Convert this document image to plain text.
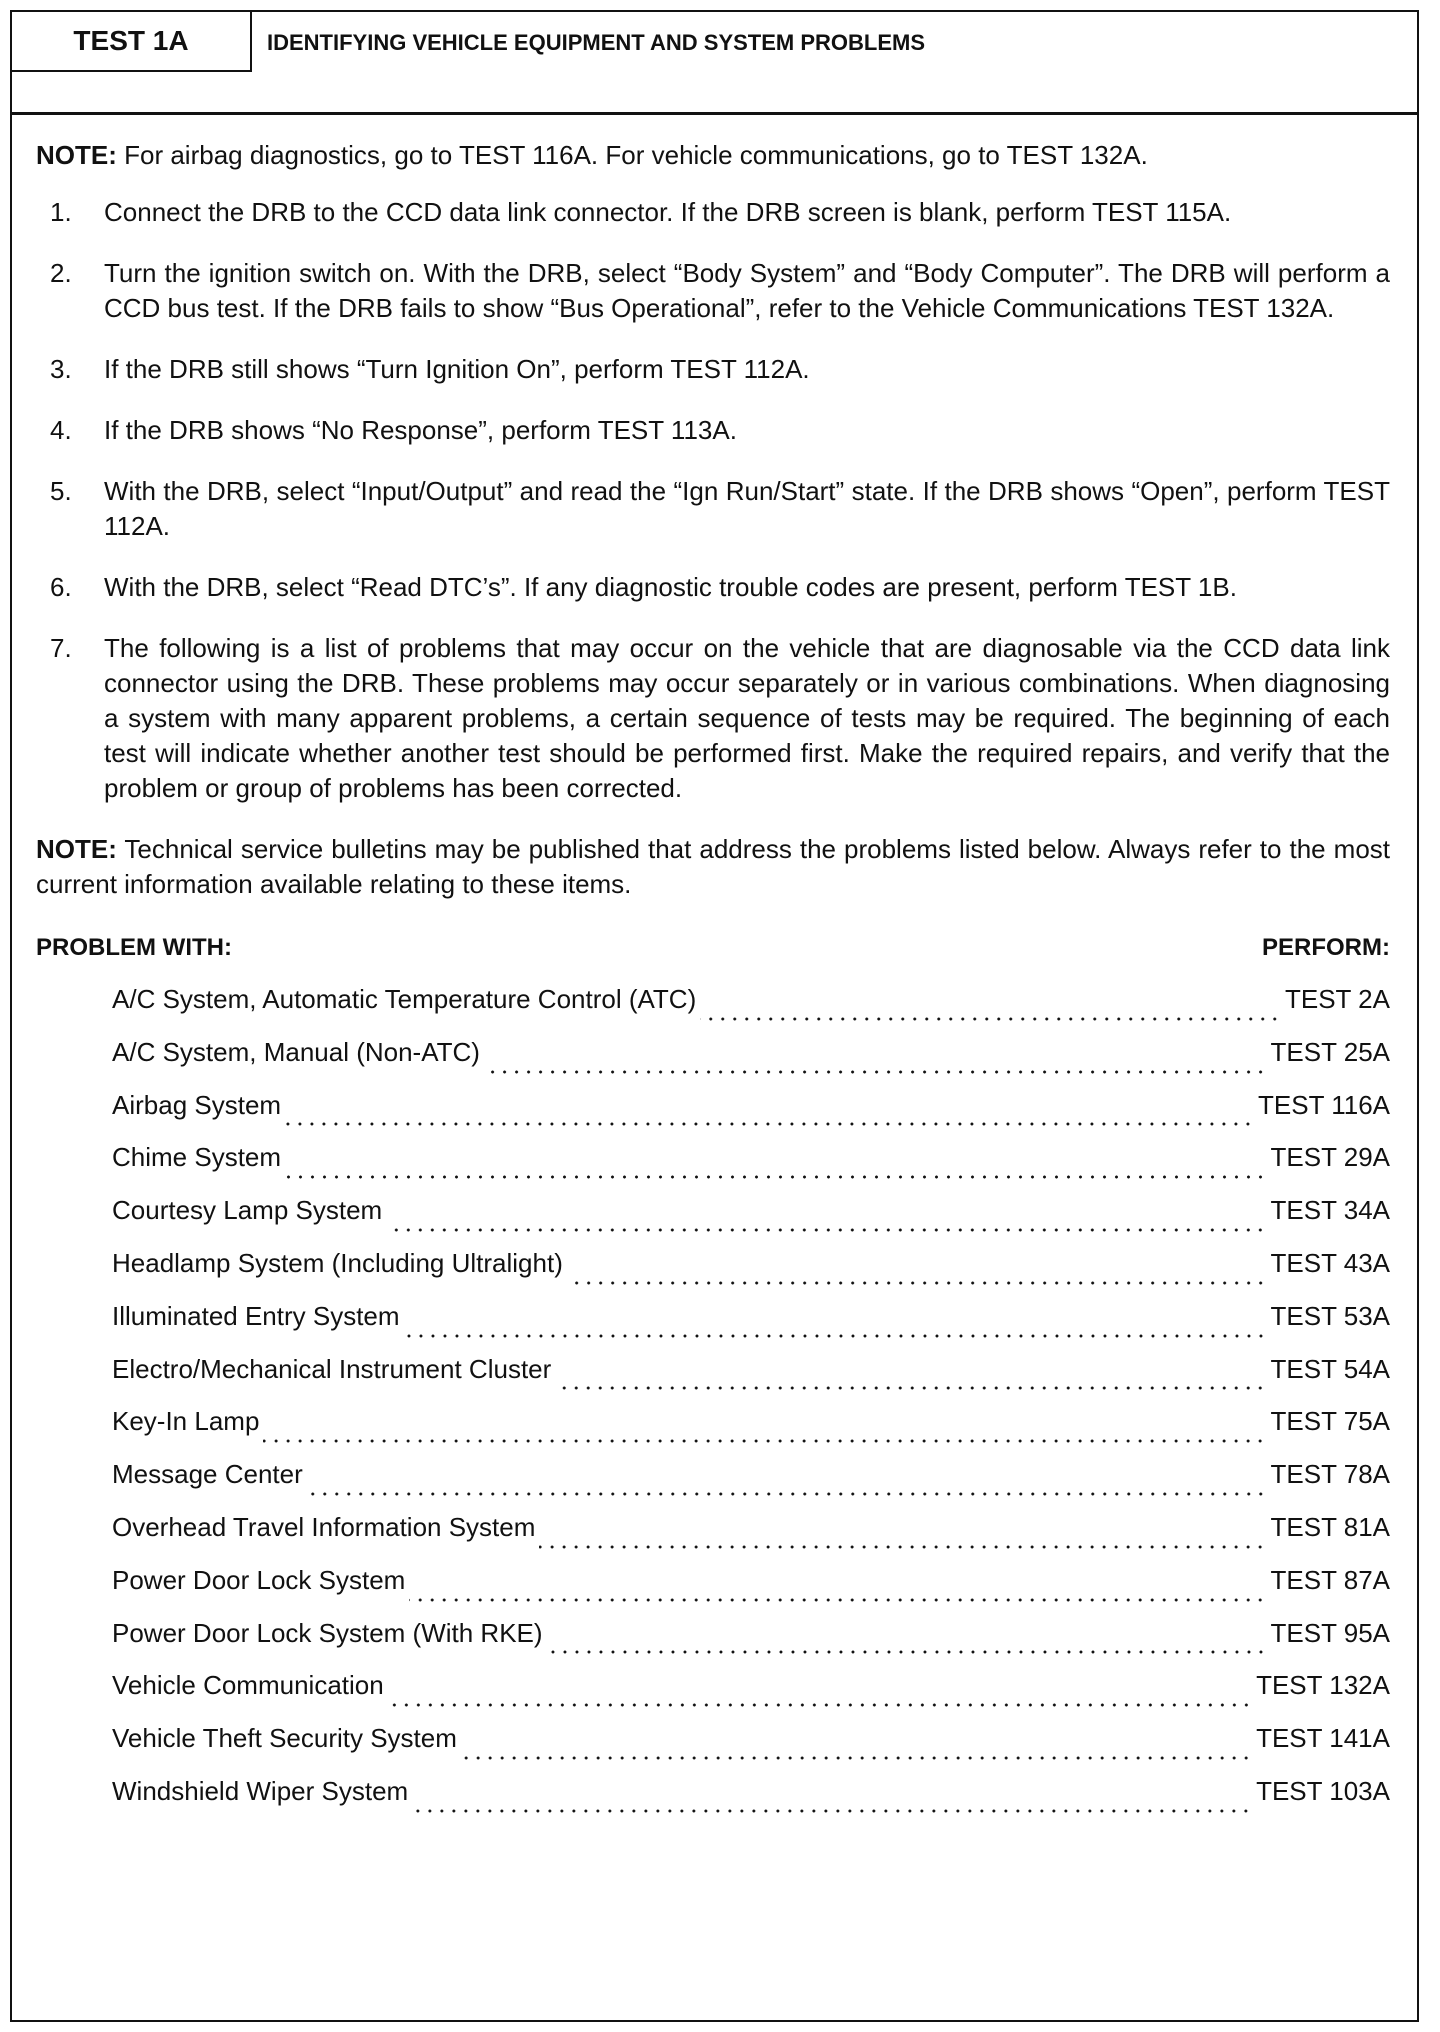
TEST 1A	IDENTIFYING VEHICLE EQUIPMENT AND SYSTEM PROBLEMS

NOTE: For airbag diagnostics, go to TEST 116A. For vehicle communications, go to TEST 132A.

1. Connect the DRB to the CCD data link connector. If the DRB screen is blank, perform TEST 115A.
2. Turn the ignition switch on. With the DRB, select “Body System” and “Body Computer”. The DRB will perform a CCD bus test. If the DRB fails to show “Bus Operational”, refer to the Vehicle Communications TEST 132A.
3. If the DRB still shows “Turn Ignition On”, perform TEST 112A.
4. If the DRB shows “No Response”, perform TEST 113A.
5. With the DRB, select “Input/Output” and read the “Ign Run/Start” state. If the DRB shows “Open”, perform TEST 112A.
6. With the DRB, select “Read DTC’s”. If any diagnostic trouble codes are present, perform TEST 1B.
7. The following is a list of problems that may occur on the vehicle that are diagnosable via the CCD data link connector using the DRB. These problems may occur separately or in various combinations. When diagnosing a system with many apparent problems, a certain sequence of tests may be required. The beginning of each test will indicate whether another test should be performed first. Make the required repairs, and verify that the problem or group of problems has been corrected.

NOTE: Technical service bulletins may be published that address the problems listed below. Always refer to the most current information available relating to these items.

PROBLEM WITH:	PERFORM:
A/C System, Automatic Temperature Control (ATC)	TEST 2A
A/C System, Manual (Non-ATC)	TEST 25A
Airbag System	TEST 116A
Chime System	TEST 29A
Courtesy Lamp System	TEST 34A
Headlamp System (Including Ultralight)	TEST 43A
Illuminated Entry System	TEST 53A
Electro/Mechanical Instrument Cluster	TEST 54A
Key-In Lamp	TEST 75A
Message Center	TEST 78A
Overhead Travel Information System	TEST 81A
Power Door Lock System	TEST 87A
Power Door Lock System (With RKE)	TEST 95A
Vehicle Communication	TEST 132A
Vehicle Theft Security System	TEST 141A
Windshield Wiper System	TEST 103A
